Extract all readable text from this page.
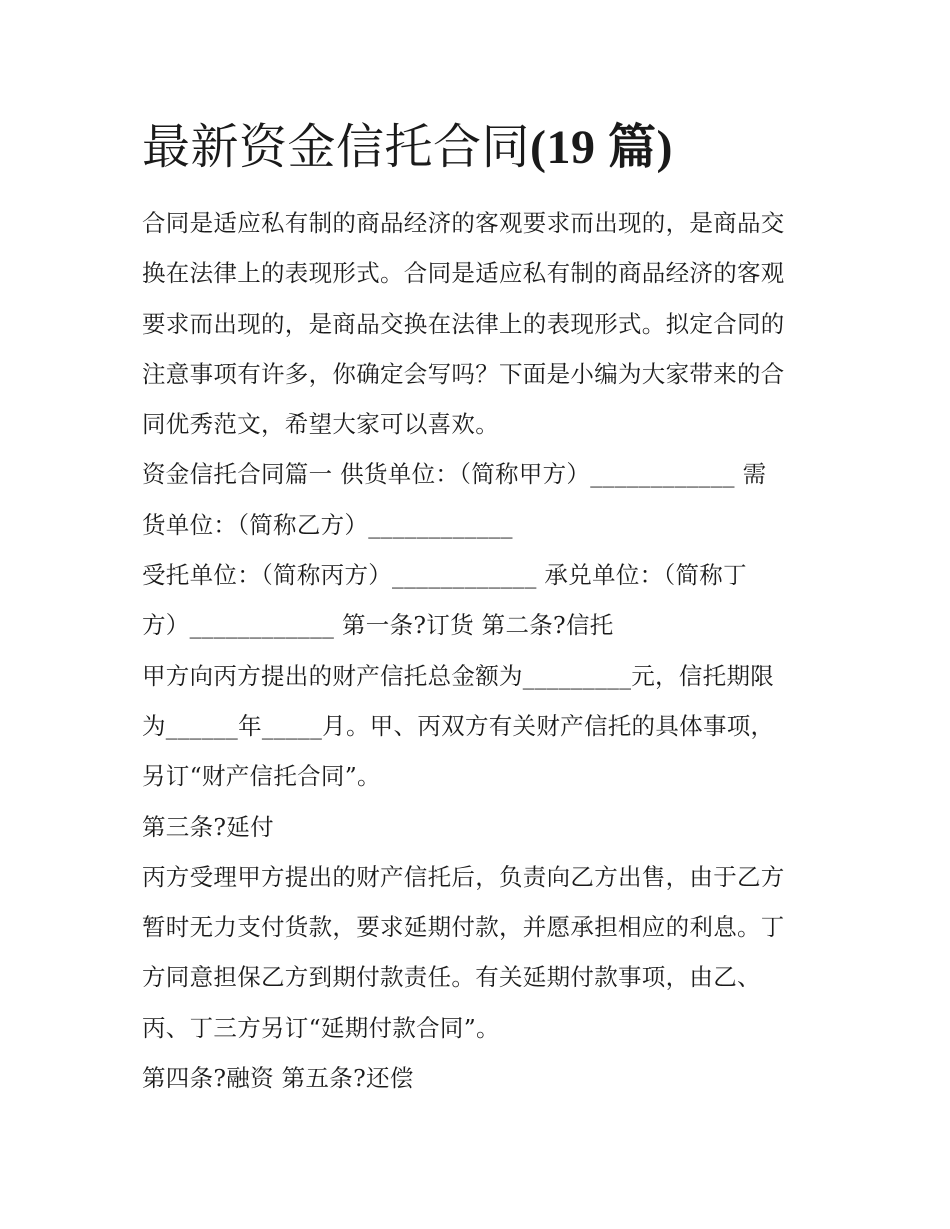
最新资金信托合同(19 篇)
合同是适应私有制的商品经济的客观要求而出现的，是商品交
换在法律上的表现形式。合同是适应私有制的商品经济的客观
要求而出现的，是商品交换在法律上的表现形式。拟定合同的
注意事项有许多，你确定会写吗？下面是小编为大家带来的合
同优秀范文，希望大家可以喜欢。
资金信托合同篇一 供货单位：（简称甲方）____________ 需
货单位：（简称乙方）____________
受托单位：（简称丙方）____________ 承兑单位：（简称丁
方）____________ 第一条?订货 第二条?信托
甲方向丙方提出的财产信托总金额为_________元，信托期限
为______年_____月。甲、丙双方有关财产信托的具体事项，
另订“财产信托合同”。
第三条?延付
丙方受理甲方提出的财产信托后，负责向乙方出售，由于乙方
暂时无力支付货款，要求延期付款，并愿承担相应的利息。丁
方同意担保乙方到期付款责任。有关延期付款事项，由乙、
丙、丁三方另订“延期付款合同”。
第四条?融资 第五条?还偿
